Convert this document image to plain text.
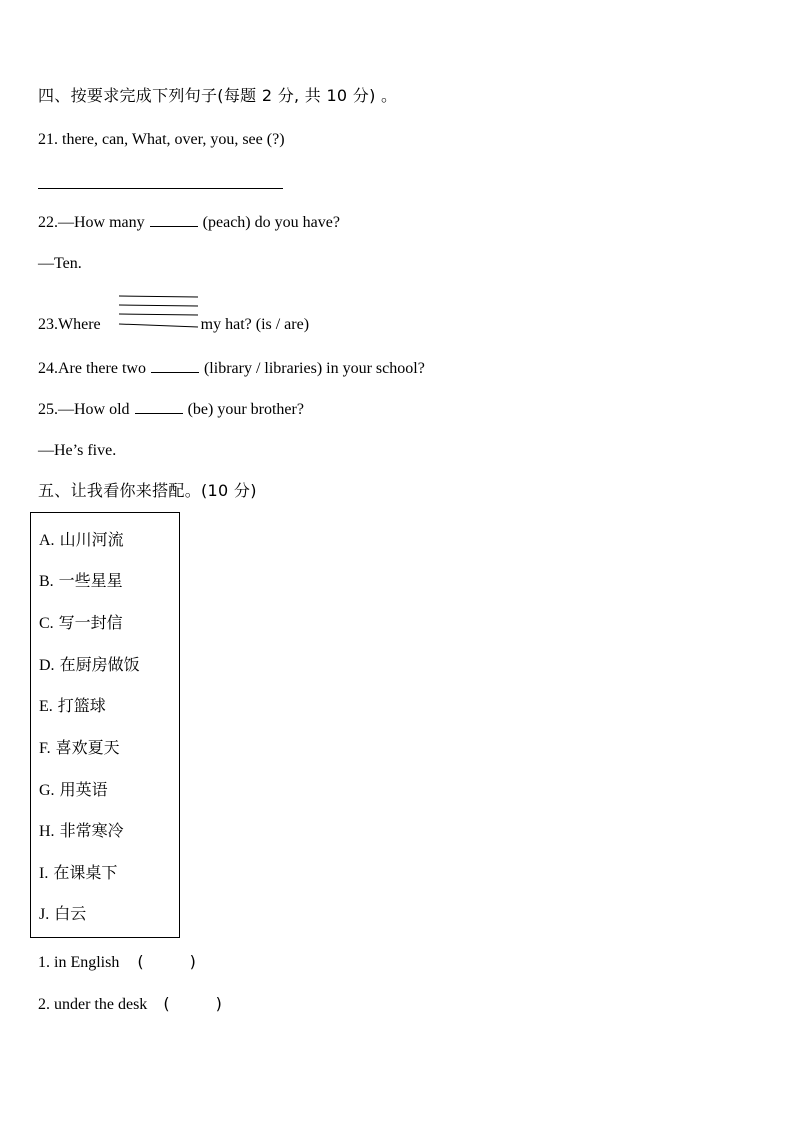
四、按要求完成下列句子(每题 2 分, 共 10 分) 。
21. there, can, What, over, you, see (?)
22.—How many	(peach) do you have?
—Ten.
23.Where	my hat? (is / are)
24.Are there two	(library / libraries) in your school?
25.—How old	(be) your brother?
—He’s five.
五、让我看你来搭配。(10 分)
A. 山川河流
B. 一些星星
C. 写一封信
D. 在厨房做饭
E. 打篮球
F. 喜欢夏天
G. 用英语
H. 非常寒冷
I. 在课桌下
J. 白云
1. in English (	)
2. under the desk (	)
